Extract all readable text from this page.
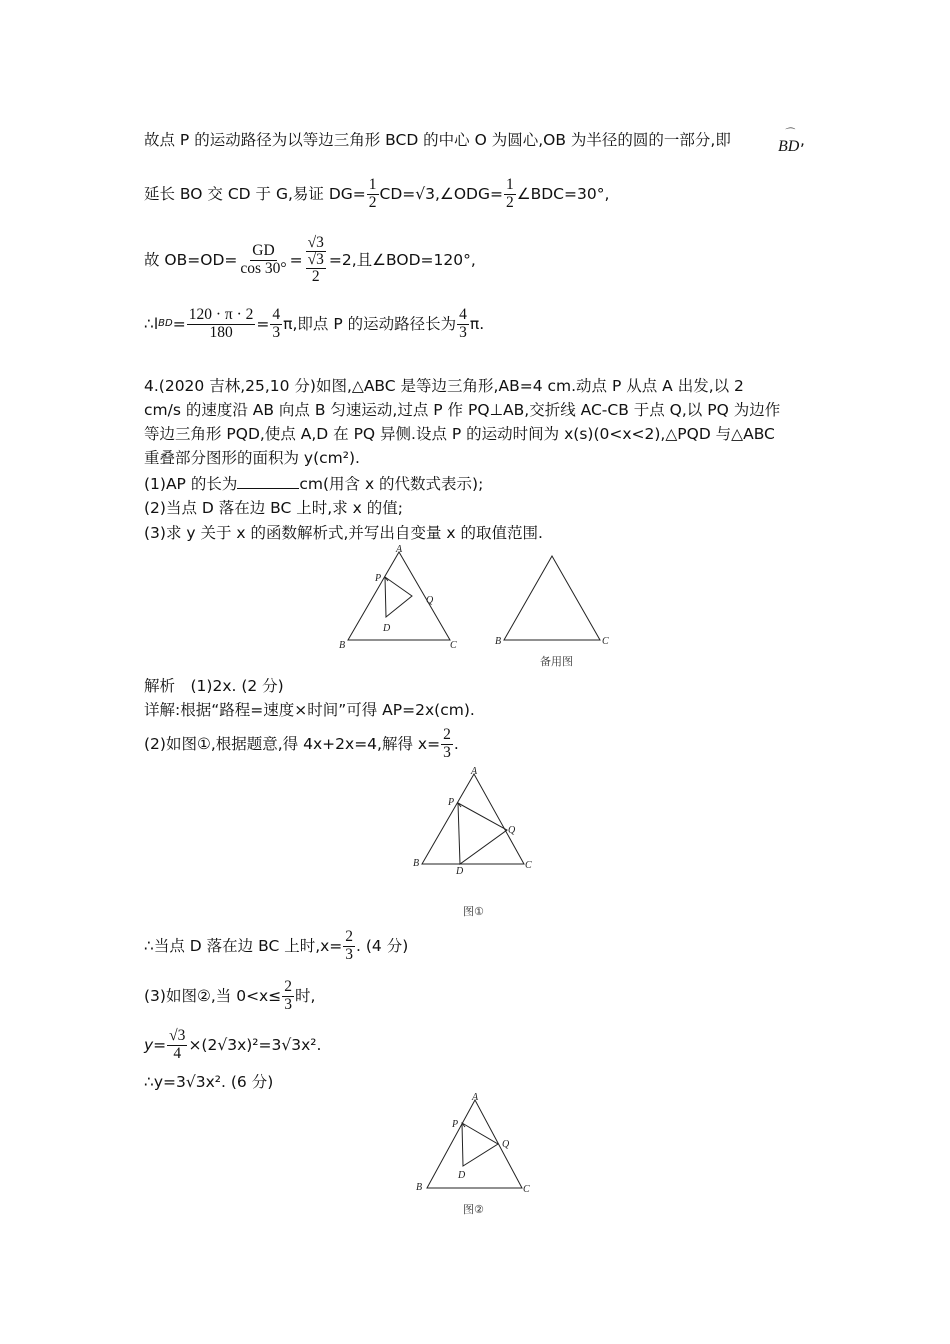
故点 P 的运动路径为以等边三角形 BCD 的中心 O 为圆心,OB 为半径的圆的一部分,即	⌒
BD ,
延长 BO 交 CD 于 G,易证 $DG= \frac{1}{2}$ CD=√3,∠ODG= $\frac{1}{2}$ ∠BDC=30°,
故 $OB=OD= \frac{GD}{\cos 30^\circ} = √3$
√3
2 =2,且∠BOD=120°,
∴l BD = $\frac{120 \cdot \pi \cdot 2}{180} = \frac{4}{3} \pi$,即点 P 的运动路径长为 $\frac{4}{3} \pi$.
4.(2020 吉林,25,10 分)如图,△ABC 是等边三角形,AB=4 cm.动点 P 从点 A 出发,以 2
cm/s 的速度沿 AB 向点 B 匀速运动,过点 P 作 PQ⊥AB,交折线 AC-CB 于点 Q,以 PQ 为边作
等边三角形 PQD,使点 A,D 在 PQ 异侧.设点 P 的运动时间为 x(s)(0<x<2),△PQD 与△ABC
重叠部分图形的面积为 y(cm²).
(1)AP 的长为	cm(用含 x 的代数式表示);
(2)当点 D 落在边 BC 上时,求 x 的值;
(3)求 y 关于 x 的函数解析式,并写出自变量 x 的取值范围.
A
B	C
P
Q
D
B	C
备用图
解析　(1)2x. (2 分)
详解:根据“路程=速度×时间”可得 AP=2x(cm).
(2)如图①,根据题意,得 4x+2x=4,解得 $x= \frac{2}{3}$ .
A
B	C
P
Q
D
图①
∴当点 D 落在边 BC 上时$,x= \frac{2}{3}$ . (4 分)
(3)如图②,当 $0<x\le \frac{2}{3}$ 时,
$y= \frac{√3}{4} \times(2√3x)^2=3√3x^2$.
∴y=3√3x². (6 分)
A
B	C
P
Q
D
图②
